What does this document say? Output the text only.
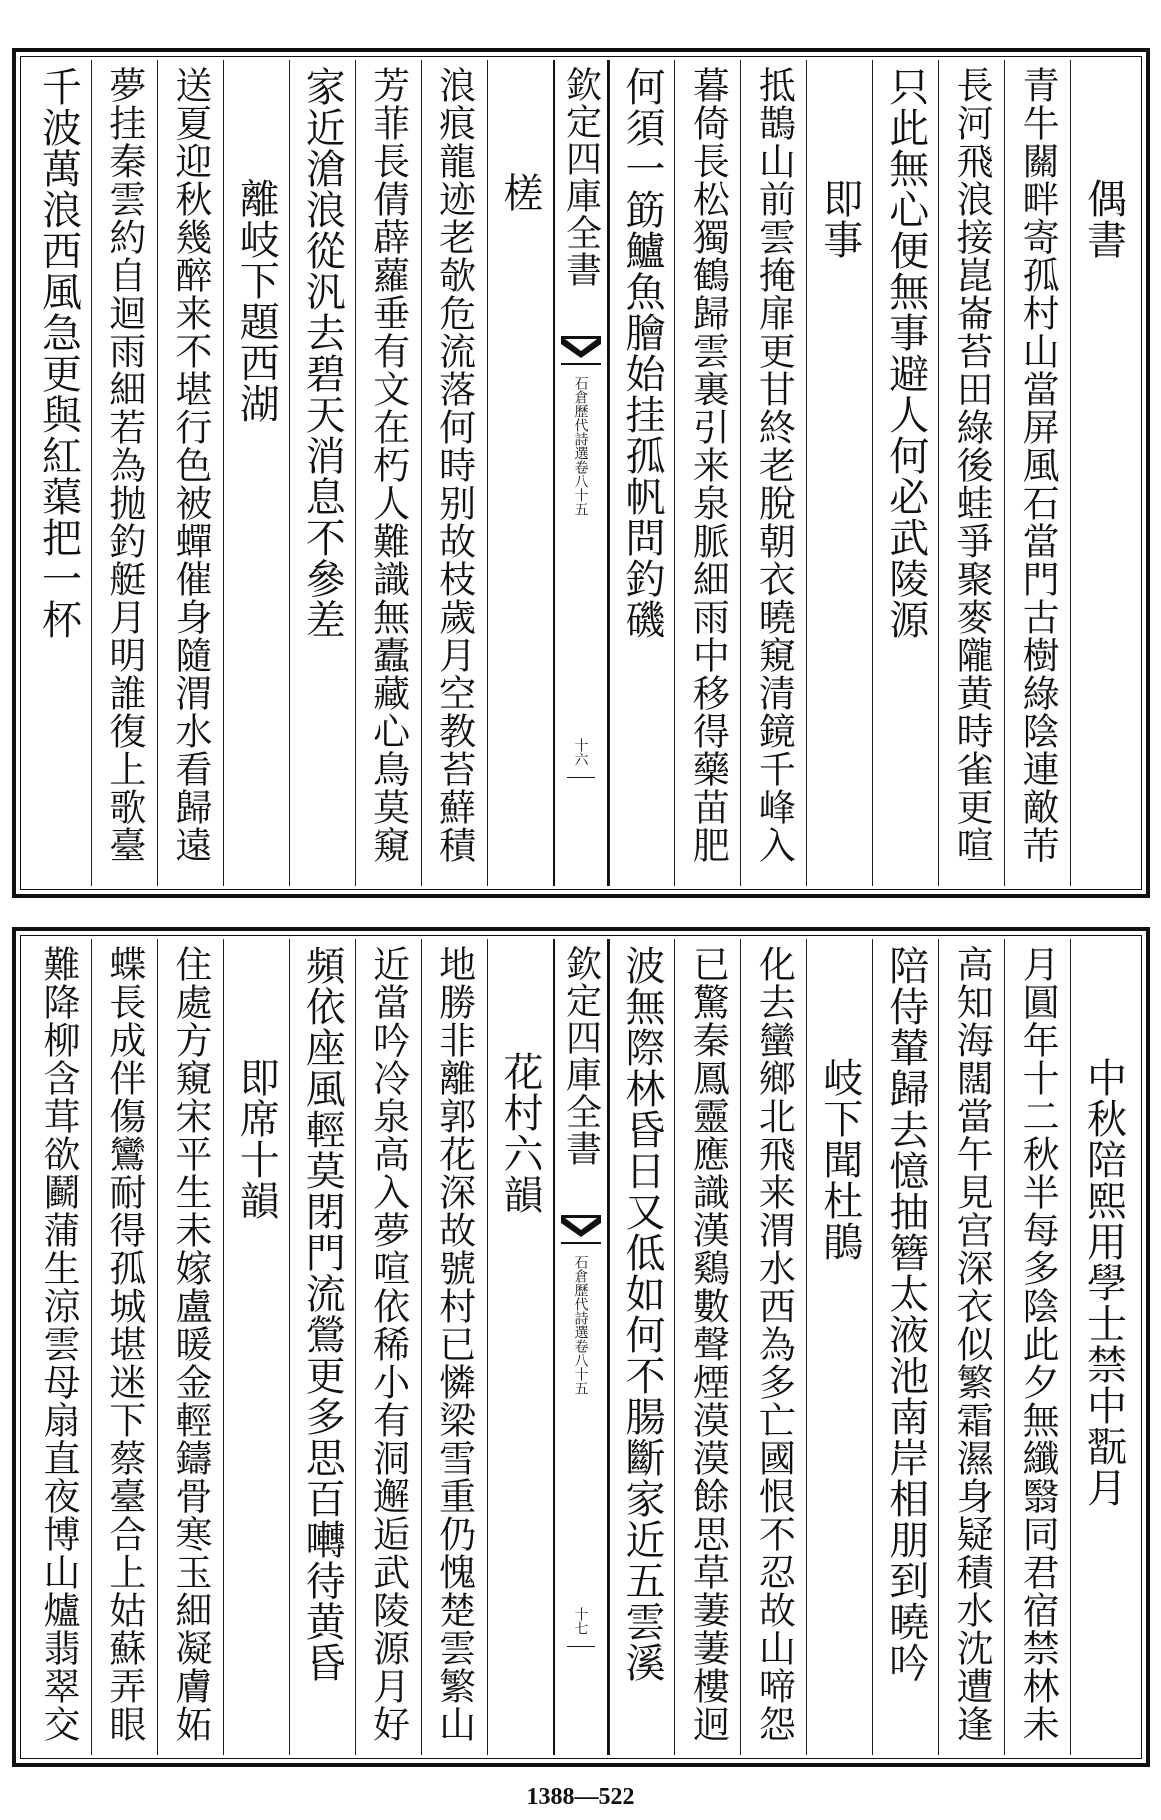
偶書
青牛關畔寄孤村山當屏風石當門古樹綠陰連敵芾
長河飛浪接崑崙苔田綠後蛙爭聚麥隴黄時雀更喧
只此無心便無事避人何必武陵源
即事
抵鵲山前雲掩扉更甘終老脫朝衣曉窺清鏡千峰入
暮倚長松獨鶴歸雲裏引来泉脈細雨中移得藥苗肥
何須一筯鱸魚膾始挂孤帆問釣磯
欽定四庫全書
石倉歷代詩選卷八十五
十六
槎
浪痕龍迹老欹危流落何時别故枝歲月空教苔蘚積
芳菲長倩薜蘿垂有文在朽人難識無蠹藏心鳥莫窺
家近滄浪從汎去碧天消息不參差
離岐下題西湖
送夏迎秋幾醉来不堪行色被蟬催身隨渭水看歸遠
夢挂秦雲約自迴雨細若為抛釣艇月明誰復上歌臺
千波萬浪西風急更與紅蕖把一杯
中秋陪熙用學士禁中翫月
月圓年十二秋半每多陰此夕無纖翳同君宿禁林未
高知海闊當午見宫深衣似繁霜濕身疑積水沈遭逢
陪侍輦歸去憶抽簪太液池南岸相朋到曉吟
岐下聞杜鵑
化去蠻鄉北飛来渭水西為多亡國恨不忍故山啼怨
已驚秦鳳靈應識漢鷄數聲煙漠漠餘思草萋萋樓迥
波無際林昏日又低如何不腸斷家近五雲溪
欽定四庫全書
石倉歷代詩選卷八十五
十七
花村六韻
地勝非離郭花深故號村已憐梁雪重仍愧楚雲繁山
近當吟冷泉高入夢喧依稀小有洞邂逅武陵源月好
頻依座風輕莫閉門流鶯更多思百囀待黄昏
即席十韻
住處方窺宋平生未嫁盧暖金輕鑄骨寒玉細凝膚妬
蝶長成伴傷鸞耐得孤城堪迷下蔡臺合上姑蘇弄眼
難降柳含茸欲鬬蒲生涼雲母扇直夜博山爐翡翠交
1388—522
